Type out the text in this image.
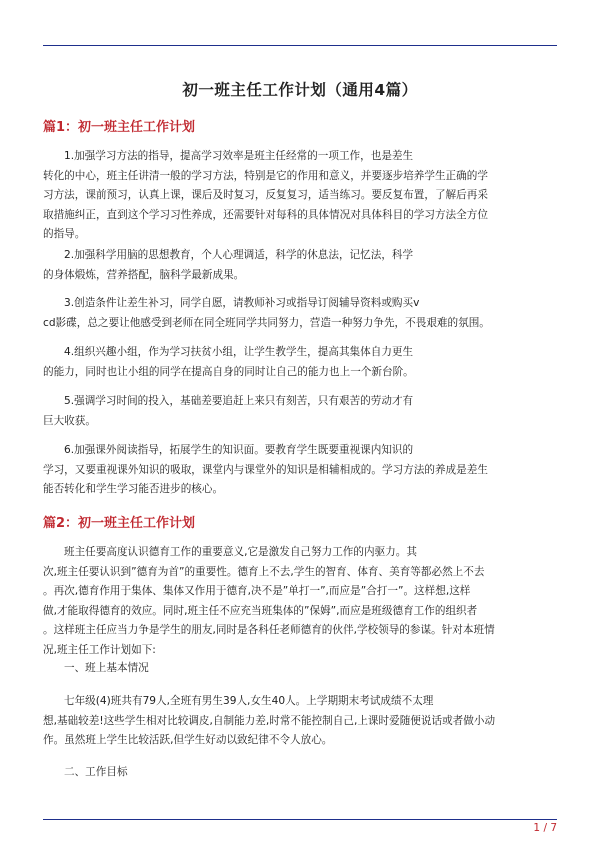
初一班主任工作计划（通用4篇）
篇1：初一班主任工作计划
1.加强学习方法的指导，提高学习效率是班主任经常的一项工作，也是差生
转化的中心，班主任讲清一般的学习方法，特别是它的作用和意义，并要逐步培养学生正确的学
习方法，课前预习，认真上课，课后及时复习，反复复习，适当练习。要反复布置，了解后再采
取措施纠正，直到这个学习习性养成，还需要针对每科的具体情况对具体科目的学习方法全方位
的指导。
2.加强科学用脑的思想教育，个人心理调适，科学的休息法，记忆法，科学
的身体煅炼，营养搭配，脑科学最新成果。
3.创造条件让差生补习，同学自愿，请教师补习或指导订阅辅导资料或购买v
cd影碟，总之要让他感受到老师在同全班同学共同努力，营造一种努力争先，不畏艰难的氛围。
4.组织兴趣小组，作为学习扶贫小组，让学生教学生，提高其集体自力更生
的能力，同时也让小组的同学在提高自身的同时让自己的能力也上一个新台阶。
5.强调学习时间的投入，基础差要追赶上来只有刻苦，只有艰苦的劳动才有
巨大收获。
6.加强课外阅读指导，拓展学生的知识面。要教育学生既要重视课内知识的
学习，又要重视课外知识的吸取，课堂内与课堂外的知识是相辅相成的。学习方法的养成是差生
能否转化和学生学习能否进步的核心。
篇2：初一班主任工作计划
班主任要高度认识德育工作的重要意义,它是激发自己努力工作的内驱力。其
次,班主任要认识到”德育为首”的重要性。德育上不去,学生的智育、体育、美育等都必然上不去
。再次,德育作用于集体、集体又作用于德育,决不是”单打一”,而应是”合打一”。这样想,这样
做,才能取得德育的效应。同时,班主任不应充当班集体的”保姆”,而应是班级德育工作的组织者
。这样班主任应当力争是学生的朋友,同时是各科任老师德育的伙伴,学校领导的参谋。针对本班情
况,班主任工作计划如下:
一、班上基本情况
七年级(4)班共有79人,全班有男生39人,女生40人。上学期期末考试成绩不太理
想,基础较差!这些学生相对比较调皮,自制能力差,时常不能控制自己,上课时爱随便说话或者做小动
作。虽然班上学生比较活跃,但学生好动以致纪律不令人放心。
二、工作目标
1 / 7
